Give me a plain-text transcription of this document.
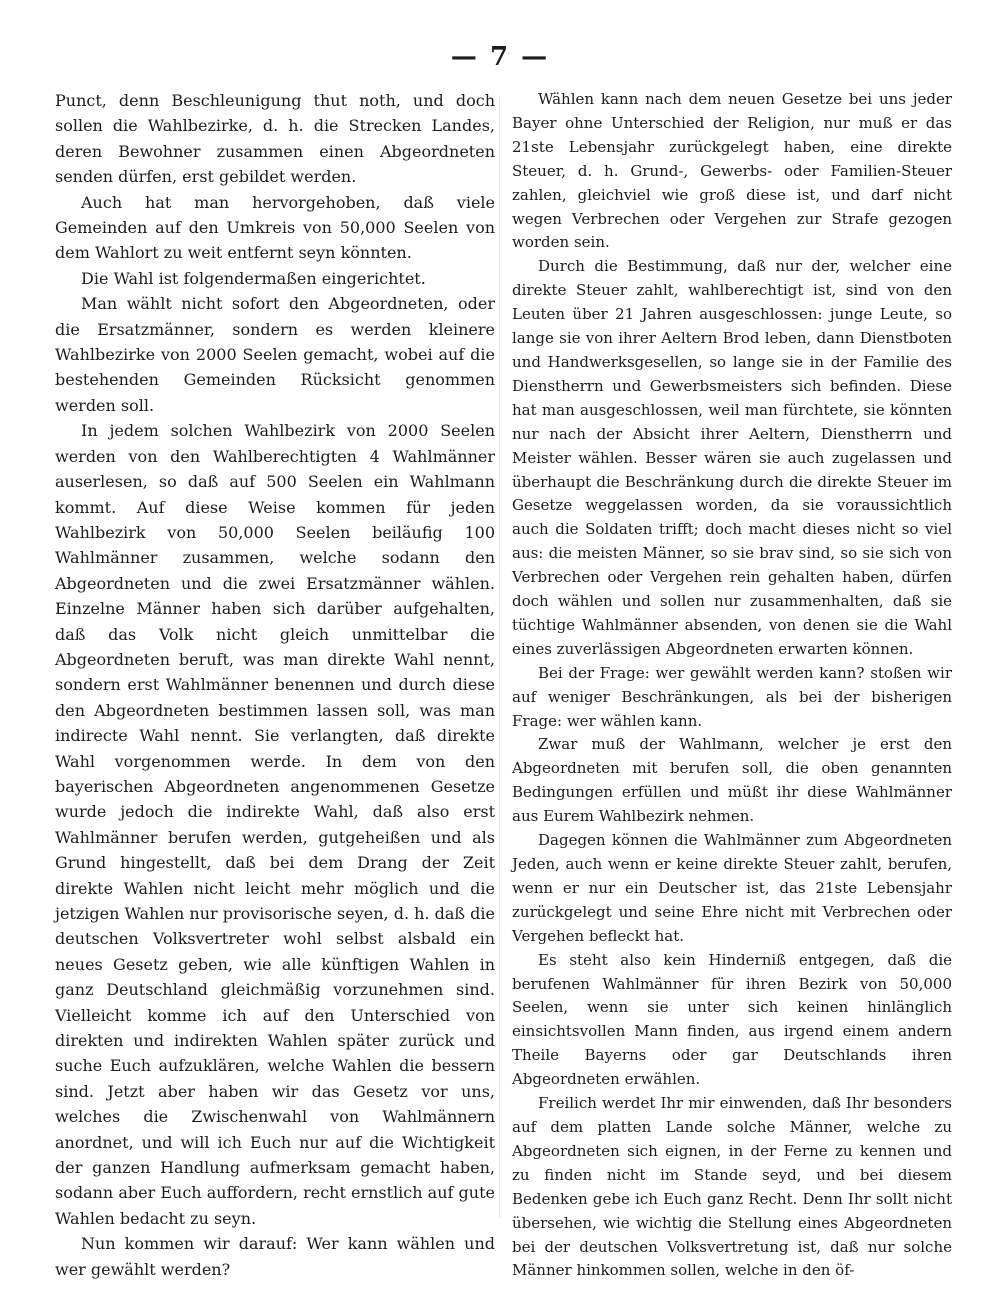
— 7 —

Punct, denn Beschleunigung thut noth, und doch sollen die Wahlbezirke, d. h. die Strecken Landes, deren Bewohner zusammen einen Abgeordneten senden dürfen, erst gebildet werden.

Auch hat man hervorgehoben, daß viele Gemeinden auf den Umkreis von 50,000 Seelen von dem Wahlort zu weit entfernt seyn könnten.

Die Wahl ist folgendermaßen eingerichtet.

Man wählt nicht sofort den Abgeordneten, oder die Ersatzmänner, sondern es werden kleinere Wahlbezirke von 2000 Seelen gemacht, wobei auf die bestehenden Gemeinden Rücksicht genommen werden soll.

In jedem solchen Wahlbezirk von 2000 Seelen werden von den Wahlberechtigten 4 Wahlmänner auserlesen, so daß auf 500 Seelen ein Wahlmann kommt. Auf diese Weise kommen für jeden Wahlbezirk von 50,000 Seelen beiläufig 100 Wahlmänner zusammen, welche sodann den Abgeordneten und die zwei Ersatzmänner wählen. Einzelne Männer haben sich darüber aufgehalten, daß das Volk nicht gleich unmittelbar die Abgeordneten beruft, was man direkte Wahl nennt, sondern erst Wahlmänner benennen und durch diese den Abgeordneten bestimmen lassen soll, was man indirecte Wahl nennt. Sie verlangten, daß direkte Wahl vorgenommen werde. In dem von den bayerischen Abgeordneten angenommenen Gesetze wurde jedoch die indirekte Wahl, daß also erst Wahlmänner berufen werden, gutgeheißen und als Grund hingestellt, daß bei dem Drang der Zeit direkte Wahlen nicht leicht mehr möglich und die jetzigen Wahlen nur provisorische seyen, d. h. daß die deutschen Volksvertreter wohl selbst alsbald ein neues Gesetz geben, wie alle künftigen Wahlen in ganz Deutschland gleichmäßig vorzunehmen sind. Vielleicht komme ich auf den Unterschied von direkten und indirekten Wahlen später zurück und suche Euch aufzuklären, welche Wahlen die bessern sind. Jetzt aber haben wir das Gesetz vor uns, welches die Zwischenwahl von Wahlmännern anordnet, und will ich Euch nur auf die Wichtigkeit der ganzen Handlung aufmerksam gemacht haben, sodann aber Euch auffordern, recht ernstlich auf gute Wahlen bedacht zu seyn.

Nun kommen wir darauf: Wer kann wählen und wer gewählt werden?

Wählen kann nach dem neuen Gesetze bei uns jeder Bayer ohne Unterschied der Religion, nur muß er das 21ste Lebensjahr zurückgelegt haben, eine direkte Steuer, d. h. Grund-, Gewerbs- oder Familien-Steuer zahlen, gleichviel wie groß diese ist, und darf nicht wegen Verbrechen oder Vergehen zur Strafe gezogen worden sein.

Durch die Bestimmung, daß nur der, welcher eine direkte Steuer zahlt, wahlberechtigt ist, sind von den Leuten über 21 Jahren ausgeschlossen: junge Leute, so lange sie von ihrer Aeltern Brod leben, dann Dienstboten und Handwerksgesellen, so lange sie in der Familie des Dienstherrn und Gewerbsmeisters sich befinden. Diese hat man ausgeschlossen, weil man fürchtete, sie könnten nur nach der Absicht ihrer Aeltern, Dienstherrn und Meister wählen. Besser wären sie auch zugelassen und überhaupt die Beschränkung durch die direkte Steuer im Gesetze weggelassen worden, da sie voraussichtlich auch die Soldaten trifft; doch macht dieses nicht so viel aus: die meisten Männer, so sie brav sind, so sie sich von Verbrechen oder Vergehen rein gehalten haben, dürfen doch wählen und sollen nur zusammenhalten, daß sie tüchtige Wahlmänner absenden, von denen sie die Wahl eines zuverlässigen Abgeordneten erwarten können.

Bei der Frage: wer gewählt werden kann? stoßen wir auf weniger Beschränkungen, als bei der bisherigen Frage: wer wählen kann.

Zwar muß der Wahlmann, welcher je erst den Abgeordneten mit berufen soll, die oben genannten Bedingungen erfüllen und müßt ihr diese Wahlmänner aus Eurem Wahlbezirk nehmen.

Dagegen können die Wahlmänner zum Abgeordneten Jeden, auch wenn er keine direkte Steuer zahlt, berufen, wenn er nur ein Deutscher ist, das 21ste Lebensjahr zurückgelegt und seine Ehre nicht mit Verbrechen oder Vergehen befleckt hat.

Es steht also kein Hinderniß entgegen, daß die berufenen Wahlmänner für ihren Bezirk von 50,000 Seelen, wenn sie unter sich keinen hinlänglich einsichtsvollen Mann finden, aus irgend einem andern Theile Bayerns oder gar Deutschlands ihren Abgeordneten erwählen.

Freilich werdet Ihr mir einwenden, daß Ihr besonders auf dem platten Lande solche Männer, welche zu Abgeordneten sich eignen, in der Ferne zu kennen und zu finden nicht im Stande seyd, und bei diesem Bedenken gebe ich Euch ganz Recht. Denn Ihr sollt nicht übersehen, wie wichtig die Stellung eines Abgeordneten bei der deutschen Volksvertretung ist, daß nur solche Männer hinkommen sollen, welche in den öf-
